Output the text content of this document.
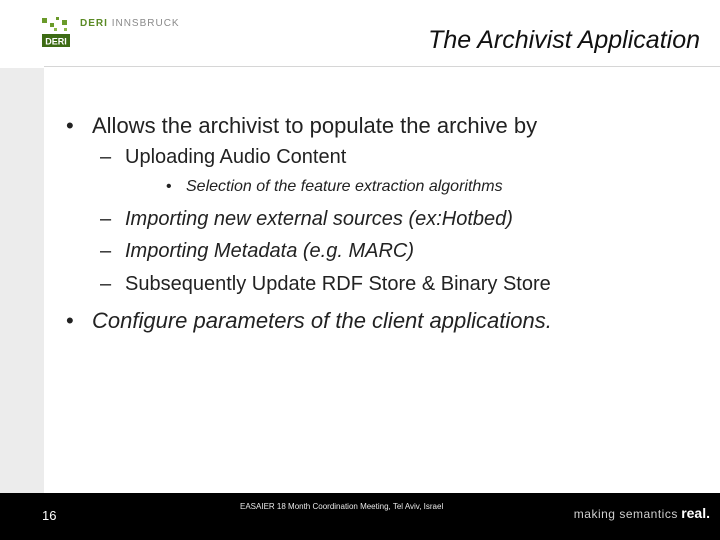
DERI
DERI INNSBRUCK
The Archivist Application
• Allows the archivist to populate the archive by
– Uploading Audio Content
• Selection of the feature extraction algorithms
– Importing new external sources (ex:Hotbed)
– Importing Metadata (e.g. MARC)
– Subsequently Update RDF Store & Binary Store
• Configure parameters of the client applications.
16
EASAIER 18 Month Coordination Meeting, Tel Aviv, Israel
making semantics real.
